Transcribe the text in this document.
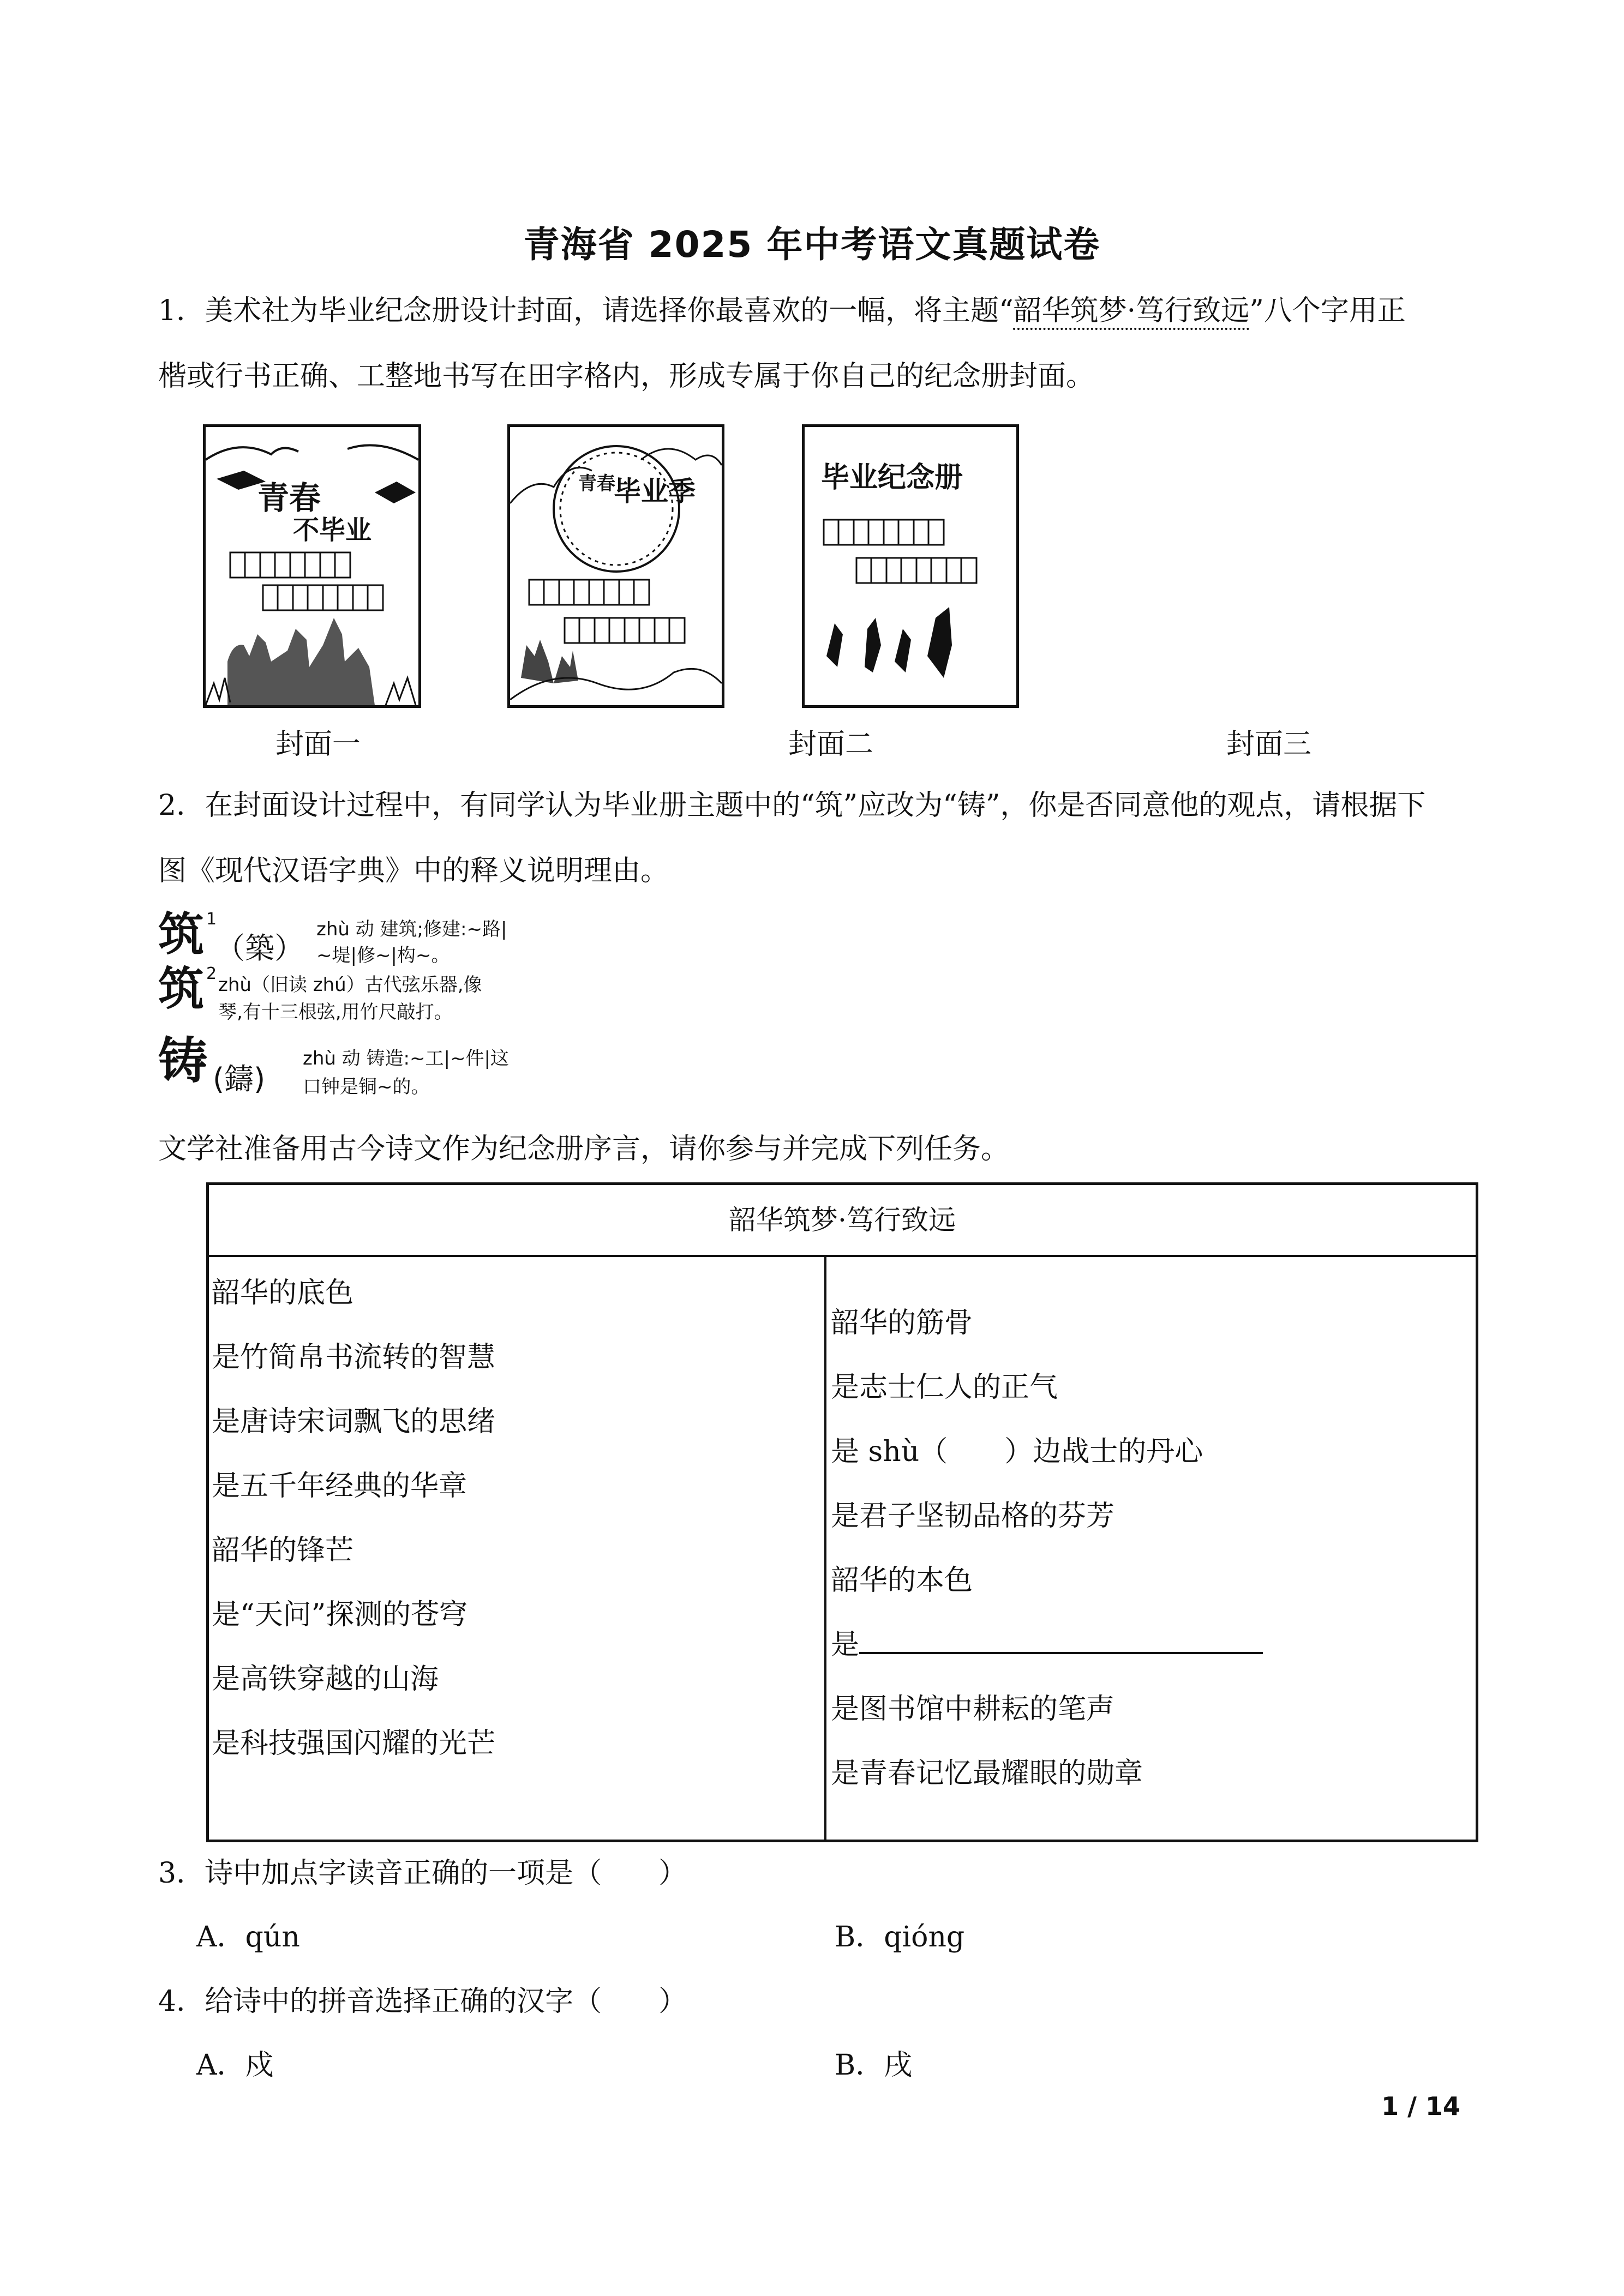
青海省 2025 年中考语文真题试卷
1．美术社为毕业纪念册设计封面，请选择你最喜欢的一幅，将主题“韶华筑梦·笃行致远”八个字用正
楷或行书正确、工整地书写在田字格内，形成专属于你自己的纪念册封面。
青春
不毕业
青春
毕业季	毕业纪念册
封面一	封面二	封面三
2．在封面设计过程中，有同学认为毕业册主题中的“筑”应改为“铸”，你是否同意他的观点，请根据下
图《现代汉语字典》中的释义说明理由。
筑 1
（築）
zhù 动 建筑;修建:~路|
~堤|修~|构~。
筑 2
zhù（旧读 zhú）古代弦乐器,像
琴,有十三根弦,用竹尺敲打。
铸 (鑄)
zhù 动 铸造:~工|~件|这
口钟是铜~的。
文学社准备用古今诗文作为纪念册序言，请你参与并完成下列任务。
韶华筑梦·笃行致远
韶华的底色
是竹简帛书流转的智慧
是唐诗宋词飘飞的思绪
是五千年经典的华章
韶华的锋芒
是“天问”探测的苍穹
是高铁穿越的山海
是科技强国闪耀的光芒
韶华的筋骨
是志士仁人的正气
是 shù（　　）边战士的丹心
是君子坚韧品格的芬芳
韶华的本色
是
是图书馆中耕耘的笔声
是青春记忆最耀眼的勋章
3．诗中加点字读音正确的一项是（　　）
A．qún	B．qióng
4．给诗中的拼音选择正确的汉字（　　）
A．戍	B．戌
1 / 14
